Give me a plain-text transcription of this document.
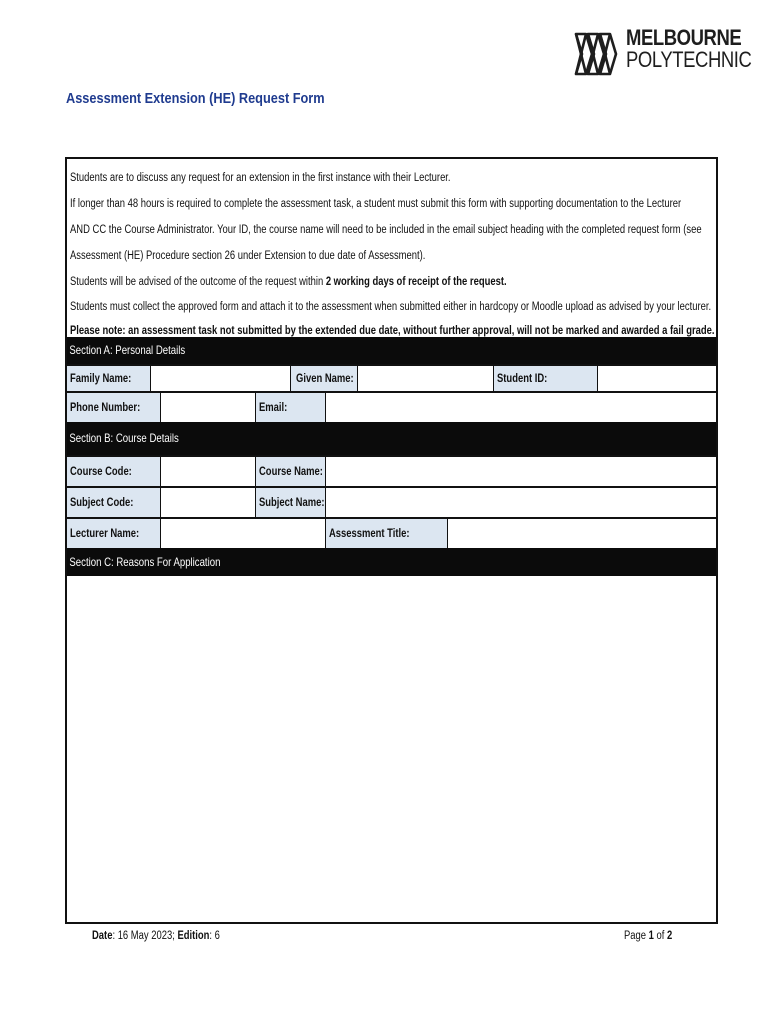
MELBOURNE
POLYTECHNIC
Assessment Extension (HE) Request Form
Students are to discuss any request for an extension in the first instance with their Lecturer.
If longer than 48 hours is required to complete the assessment task, a student must submit this form with supporting documentation to the Lecturer
AND CC the Course Administrator. Your ID, the course name will need to be included in the email subject heading with the completed request form (see
Assessment (HE) Procedure section 26 under Extension to due date of Assessment).
Students will be advised of the outcome of the request within 2 working days of receipt of the request.
Students must collect the approved form and attach it to the assessment when submitted either in hardcopy or Moodle upload as advised by your lecturer.
Please note: an assessment task not submitted by the extended due date, without further approval, will not be marked and awarded a fail grade.
Section A: Personal Details
Family Name:	Given Name:	Student ID:
Phone Number:	Email:
Section B: Course Details
Course Code:	Course Name:
Subject Code:	Subject Name:
Lecturer Name:	Assessment Title:
Section C: Reasons For Application
Date: 16 May 2023; Edition: 6	Page 1 of 2
